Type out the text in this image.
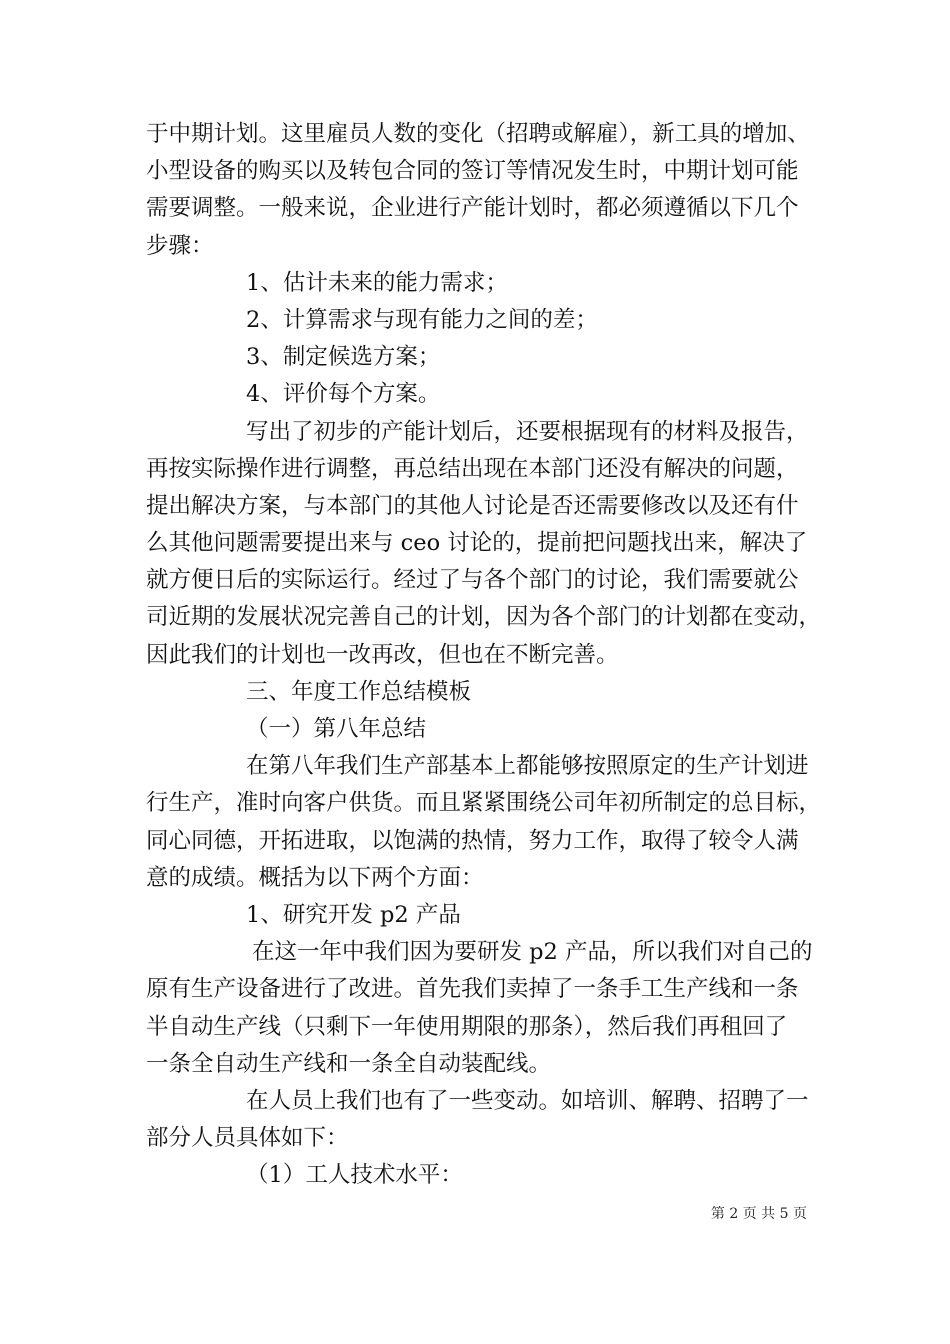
于中期计划。这里雇员人数的变化（招聘或解雇），新工具的增加、
小型设备的购买以及转包合同的签订等情况发生时，中期计划可能
需要调整。一般来说，企业进行产能计划时，都必须遵循以下几个
步骤：
1、估计未来的能力需求；
2、计算需求与现有能力之间的差；
3、制定候选方案；
4、评价每个方案。
写出了初步的产能计划后，还要根据现有的材料及报告，
再按实际操作进行调整，再总结出现在本部门还没有解决的问题，
提出解决方案，与本部门的其他人讨论是否还需要修改以及还有什
么其他问题需要提出来与 ceo 讨论的，提前把问题找出来，解决了
就方便日后的实际运行。经过了与各个部门的讨论，我们需要就公
司近期的发展状况完善自己的计划，因为各个部门的计划都在变动，
因此我们的计划也一改再改，但也在不断完善。
三、年度工作总结模板
（一）第八年总结
在第八年我们生产部基本上都能够按照原定的生产计划进
行生产，准时向客户供货。而且紧紧围绕公司年初所制定的总目标，
同心同德，开拓进取，以饱满的热情，努力工作，取得了较令人满
意的成绩。概括为以下两个方面：
1、研究开发 p2 产品
在这一年中我们因为要研发 p2 产品，所以我们对自己的
原有生产设备进行了改进。首先我们卖掉了一条手工生产线和一条
半自动生产线（只剩下一年使用期限的那条），然后我们再租回了
一条全自动生产线和一条全自动装配线。
在人员上我们也有了一些变动。如培训、解聘、招聘了一
部分人员具体如下：
（1）工人技术水平：
第 2 页 共 5 页
